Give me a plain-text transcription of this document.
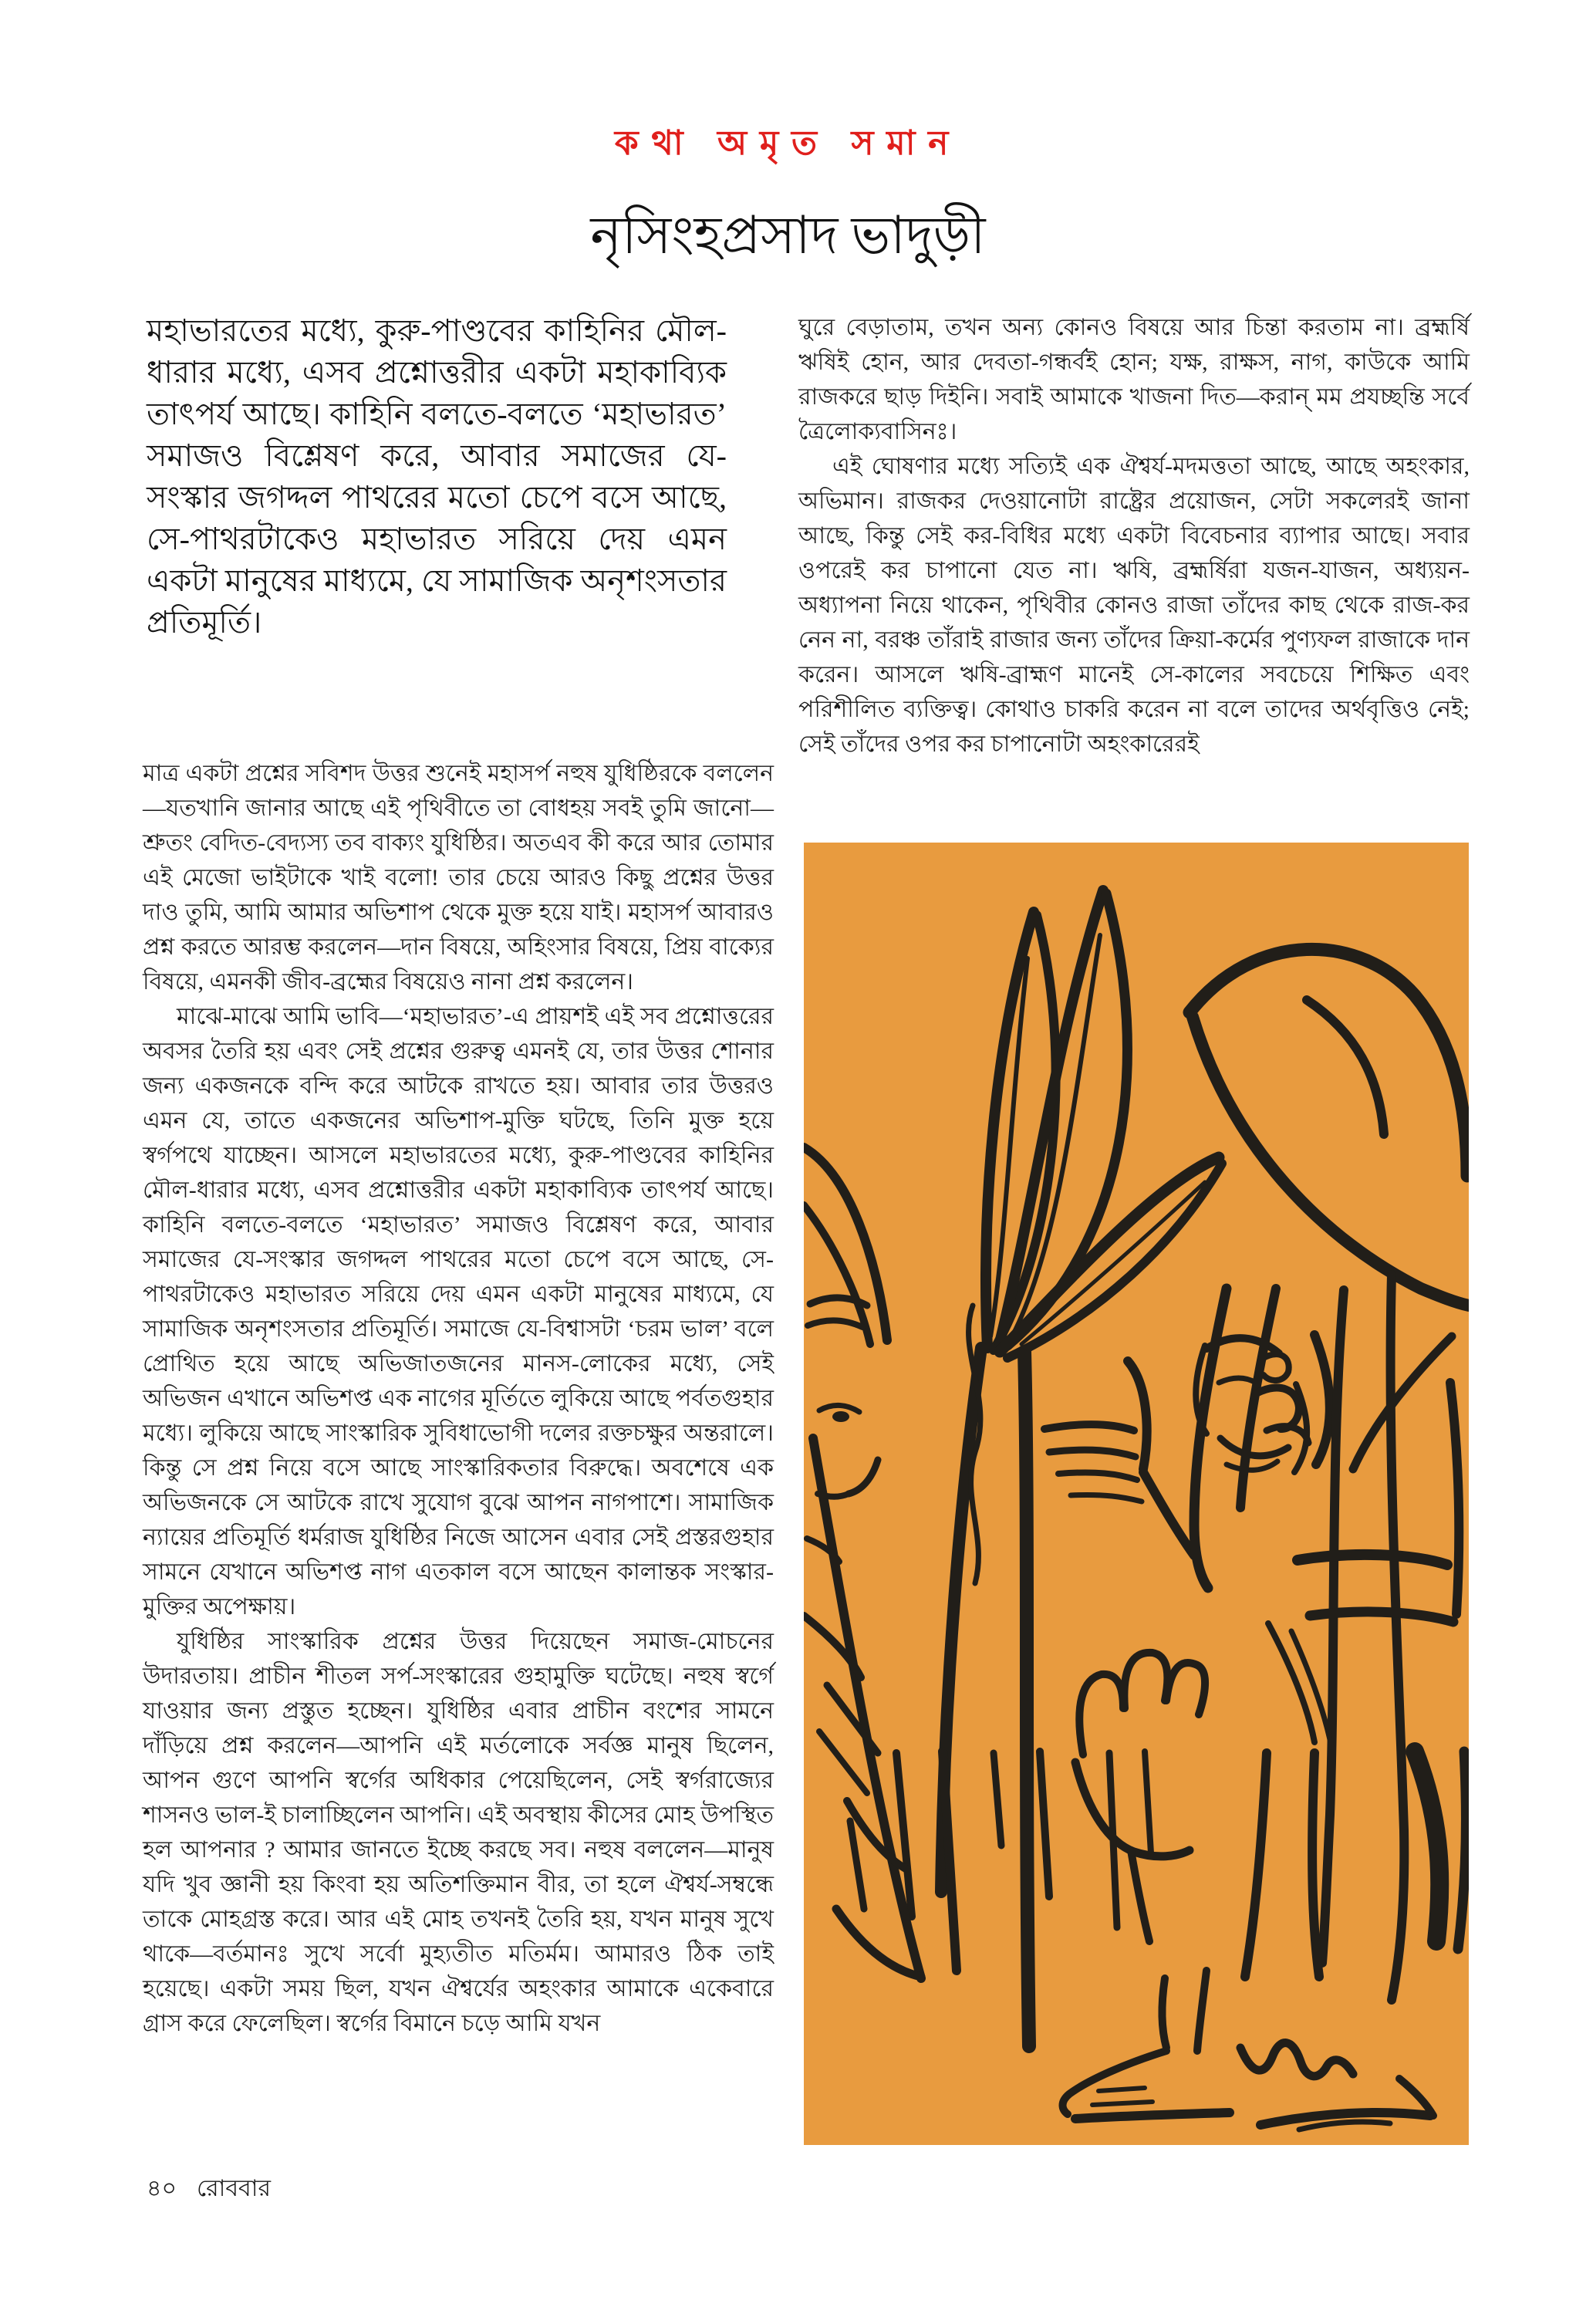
কথা অমৃত সমান
নৃসিংহপ্রসাদ ভাদুড়ী
মহাভারতের মধ্যে, কুরু-পাণ্ডবের কাহিনির মৌল-ধারার মধ্যে, এসব প্রশ্নোত্তরীর একটা মহাকাব্যিক তাৎপর্য আছে। কাহিনি বলতে-বলতে ‘মহাভারত’ সমাজও বিশ্লেষণ করে, আবার সমাজের যে-সংস্কার জগদ্দল পাথরের মতো চেপে বসে আছে, সে-পাথরটাকেও মহাভারত সরিয়ে দেয় এমন একটা মানুষের মাধ্যমে, যে সামাজিক অনৃশংসতার প্রতিমূর্তি।

মাত্র একটা প্রশ্নের সবিশদ উত্তর শুনেই মহাসর্প নহুষ যুধিষ্ঠিরকে বললেন—যতখানি জানার আছে এই পৃথিবীতে তা বোধহয় সবই তুমি জানো—শ্রুতং বেদিত-বেদ্যস্য তব বাক্যং যুধিষ্ঠির। অতএব কী করে আর তোমার এই মেজো ভাইটাকে খাই বলো! তার চেয়ে আরও কিছু প্রশ্নের উত্তর দাও তুমি, আমি আমার অভিশাপ থেকে মুক্ত হয়ে যাই। মহাসর্প আবারও প্রশ্ন করতে আরম্ভ করলেন—দান বিষয়ে, অহিংসার বিষয়ে, প্রিয় বাক্যের বিষয়ে, এমনকী জীব-ব্রহ্মের বিষয়েও নানা প্রশ্ন করলেন।

মাঝে-মাঝে আমি ভাবি—‘মহাভারত’-এ প্রায়শই এই সব প্রশ্নোত্তরের অবসর তৈরি হয় এবং সেই প্রশ্নের গুরুত্ব এমনই যে, তার উত্তর শোনার জন্য একজনকে বন্দি করে আটকে রাখতে হয়। আবার তার উত্তরও এমন যে, তাতে একজনের অভিশাপ-মুক্তি ঘটছে, তিনি মুক্ত হয়ে স্বর্গপথে যাচ্ছেন। আসলে মহাভারতের মধ্যে, কুরু-পাণ্ডবের কাহিনির মৌল-ধারার মধ্যে, এসব প্রশ্নোত্তরীর একটা মহাকাব্যিক তাৎপর্য আছে। কাহিনি বলতে-বলতে ‘মহাভারত’ সমাজও বিশ্লেষণ করে, আবার সমাজের যে-সংস্কার জগদ্দল পাথরের মতো চেপে বসে আছে, সে-পাথরটাকেও মহাভারত সরিয়ে দেয় এমন একটা মানুষের মাধ্যমে, যে সামাজিক অনৃশংসতার প্রতিমূর্তি। সমাজে যে-বিশ্বাসটা ‘চরম ভাল’ বলে প্রোথিত হয়ে আছে অভিজাতজনের মানস-লোকের মধ্যে, সেই অভিজন এখানে অভিশপ্ত এক নাগের মূর্তিতে লুকিয়ে আছে পর্বতগুহার মধ্যে। লুকিয়ে আছে সাংস্কারিক সুবিধাভোগী দলের রক্তচক্ষুর অন্তরালে। কিন্তু সে প্রশ্ন নিয়ে বসে আছে সাংস্কারিকতার বিরুদ্ধে। অবশেষে এক অভিজনকে সে আটকে রাখে সুযোগ বুঝে আপন নাগপাশে। সামাজিক ন্যায়ের প্রতিমূর্তি ধর্মরাজ যুধিষ্ঠির নিজে আসেন এবার সেই প্রস্তরগুহার সামনে যেখানে অভিশপ্ত নাগ এতকাল বসে আছেন কালান্তক সংস্কার-মুক্তির অপেক্ষায়।

যুধিষ্ঠির সাংস্কারিক প্রশ্নের উত্তর দিয়েছেন সমাজ-মোচনের উদারতায়। প্রাচীন শীতল সর্প-সংস্কারের গুহামুক্তি ঘটেছে। নহুষ স্বর্গে যাওয়ার জন্য প্রস্তুত হচ্ছেন। যুধিষ্ঠির এবার প্রাচীন বংশের সামনে দাঁড়িয়ে প্রশ্ন করলেন—আপনি এই মর্তলোকে সর্বজ্ঞ মানুষ ছিলেন, আপন গুণে আপনি স্বর্গের অধিকার পেয়েছিলেন, সেই স্বর্গরাজ্যের শাসনও ভাল-ই চালাচ্ছিলেন আপনি। এই অবস্থায় কীসের মোহ উপস্থিত হল আপনার ? আমার জানতে ইচ্ছে করছে সব। নহুষ বললেন—মানুষ যদি খুব জ্ঞানী হয় কিংবা হয় অতিশক্তিমান বীর, তা হলে ঐশ্বর্য-সম্বন্ধে তাকে মোহগ্রস্ত করে। আর এই মোহ তখনই তৈরি হয়, যখন মানুষ সুখে থাকে—বর্তমানঃ সুখে সর্বো মুহ্যতীত মতির্মম। আমারও ঠিক তাই হয়েছে। একটা সময় ছিল, যখন ঐশ্বর্যের অহংকার আমাকে একেবারে গ্রাস করে ফেলেছিল। স্বর্গের বিমানে চড়ে আমি যখন

ঘুরে বেড়াতাম, তখন অন্য কোনও বিষয়ে আর চিন্তা করতাম না। ব্রহ্মর্ষি ঋষিই হোন, আর দেবতা-গন্ধর্বই হোন; যক্ষ, রাক্ষস, নাগ, কাউকে আমি রাজকরে ছাড় দিইনি। সবাই আমাকে খাজনা দিত—করান্ মম প্রযচ্ছন্তি সর্বে ত্রৈলোক্যবাসিনঃ।

এই ঘোষণার মধ্যে সত্যিই এক ঐশ্বর্য-মদমত্ততা আছে, আছে অহংকার, অভিমান। রাজকর দেওয়ানোটা রাষ্ট্রের প্রয়োজন, সেটা সকলেরই জানা আছে, কিন্তু সেই কর-বিধির মধ্যে একটা বিবেচনার ব্যাপার আছে। সবার ওপরেই কর চাপানো যেত না। ঋষি, ব্রহ্মর্ষিরা যজন-যাজন, অধ্যয়ন-অধ্যাপনা নিয়ে থাকেন, পৃথিবীর কোনও রাজা তাঁদের কাছ থেকে রাজ-কর নেন না, বরঞ্চ তাঁরাই রাজার জন্য তাঁদের ক্রিয়া-কর্মের পুণ্যফল রাজাকে দান করেন। আসলে ঋষি-ব্রাহ্মণ মানেই সে-কালের সবচেয়ে শিক্ষিত এবং পরিশীলিত ব্যক্তিত্ব। কোথাও চাকরি করেন না বলে তাদের অর্থবৃত্তিও নেই; সেই তাঁদের ওপর কর চাপানোটা অহংকারেরই

৪০ রোববার
